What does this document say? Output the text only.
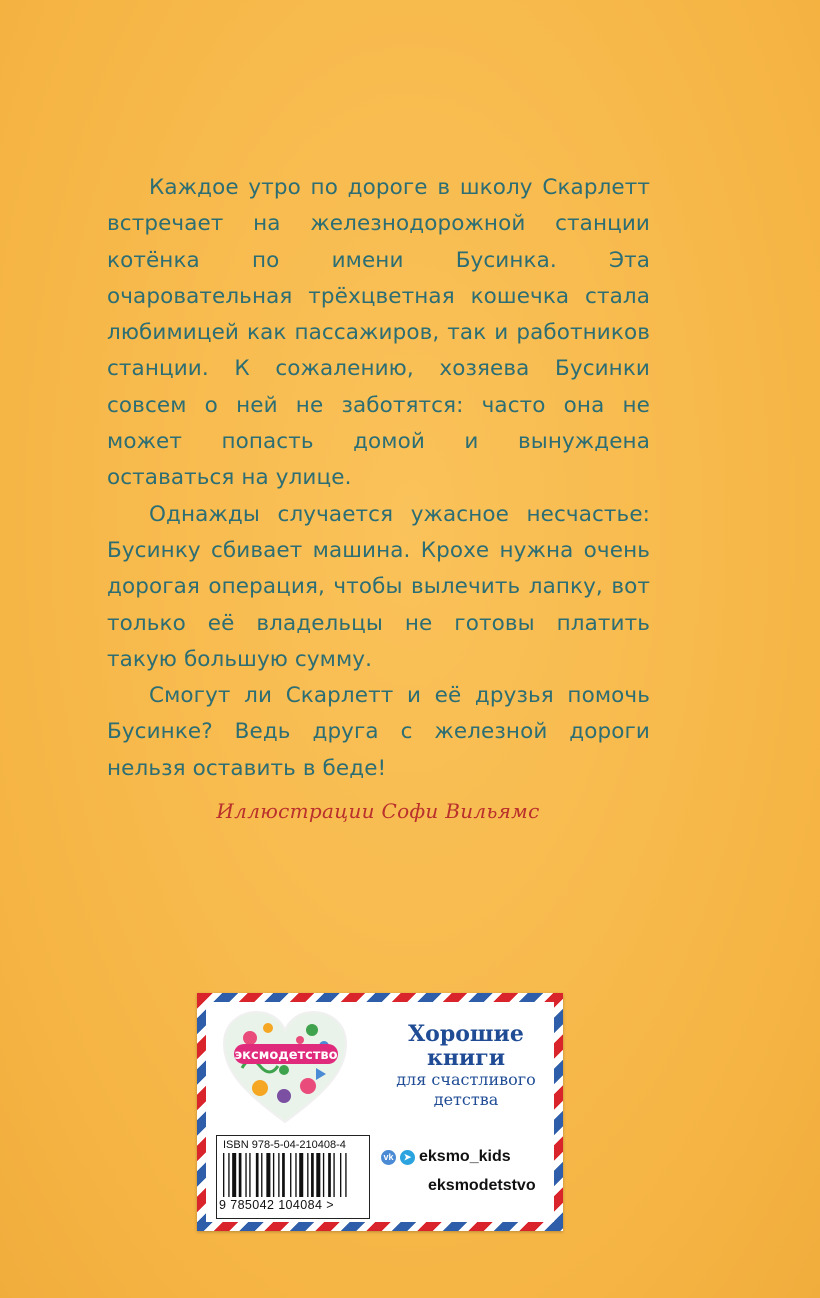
Каждое утро по дороге в школу Скарлетт встречает на железнодорожной станции котёнка по имени Бусинка. Эта очаровательная трёхцветная кошечка стала любимицей как пассажиров, так и работников станции. К сожалению, хозяева Бусинки совсем о ней не заботятся: часто она не может попасть домой и вынуждена оставаться на улице.

Однажды случается ужасное несчастье: Бусинку сбивает машина. Крохе нужна очень дорогая операция, чтобы вылечить лапку, вот только её владельцы не готовы платить такую большую сумму.

Смогут ли Скарлетт и её друзья помочь Бусинке? Ведь друга с железной дороги нельзя оставить в беде!

Иллюстрации Софи Вильямс
эксмодетство
Хорошие
книги
для счастливого
детства
ISBN 978-5-04-210408-4
9 785042 104084 >
vk	➤ eksmo_kids
eksmodetstvo
